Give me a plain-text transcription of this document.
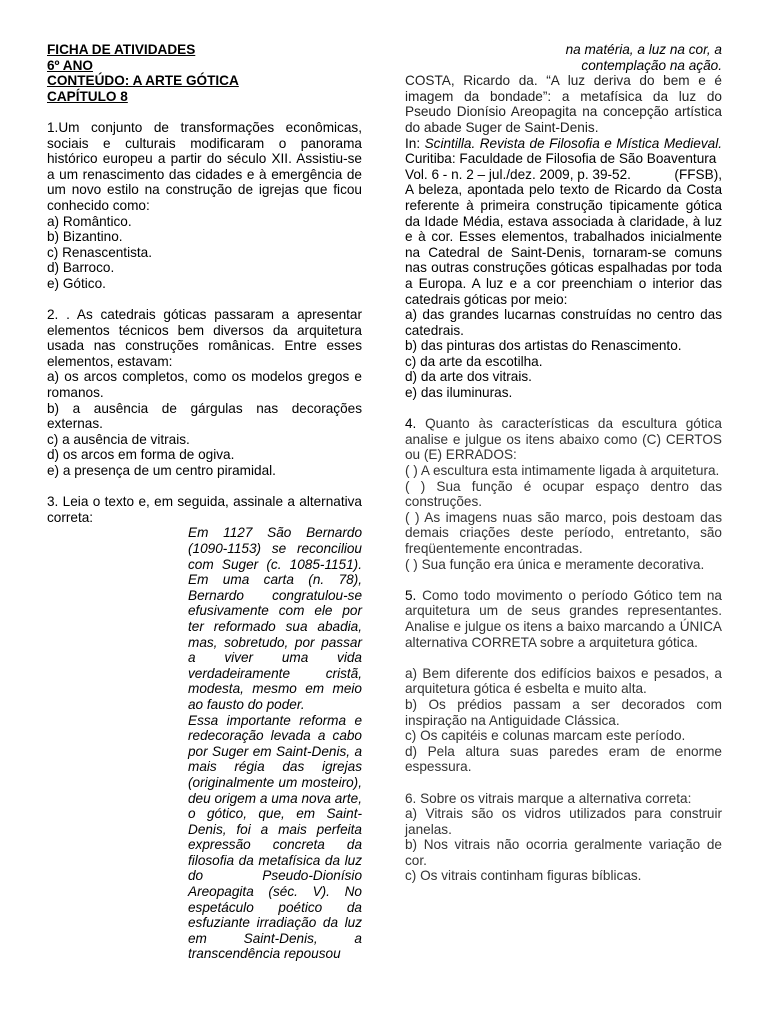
FICHA DE ATIVIDADES

6º ANO

CONTEÚDO: A ARTE GÓTICA

CAPÍTULO 8

1.Um conjunto de transformações econômicas, sociais e culturais modificaram o panorama histórico europeu a partir do século XII. Assistiu-se a um renascimento das cidades e à emergência de um novo estilo na construção de igrejas que ficou conhecido como:

a) Romântico.

b) Bizantino.

c) Renascentista.

d) Barroco.

e) Gótico.

2. . As catedrais góticas passaram a apresentar elementos técnicos bem diversos da arquitetura usada nas construções românicas. Entre esses elementos, estavam:

a) os arcos completos, como os modelos gregos e romanos.

b) a ausência de gárgulas nas decorações externas.

c) a ausência de vitrais.

d) os arcos em forma de ogiva.

e) a presença de um centro piramidal.

3. Leia o texto e, em seguida, assinale a alternativa correta:

Em 1127 São Bernardo (1090-1153) se reconciliou com Suger (c. 1085-1151). Em uma carta (n. 78), Bernardo congratulou-se efusivamente com ele por ter reformado sua abadia, mas, sobretudo, por passar a viver uma vida verdadeiramente cristã, modesta, mesmo em meio ao fausto do poder.

Essa importante reforma e redecoração levada a cabo por Suger em Saint-Denis, a mais régia das igrejas (originalmente um mosteiro), deu origem a uma nova arte, o gótico, que, em Saint-Denis, foi a mais perfeita expressão concreta da filosofia da metafísica da luz do Pseudo-Dionísio Areopagita (séc. V). No espetáculo poético da esfuziante irradiação da luz em Saint-Denis, a transcendência repousou

na matéria, a luz na cor, a contemplação na ação.

COSTA, Ricardo da. “A luz deriva do bem e é imagem da bondade”: a metafísica da luz do Pseudo Dionísio Areopagita na concepção artística do abade Suger de Saint-Denis.

In: Scintilla. Revista de Filosofia e Mística Medieval. Curitiba: Faculdade de Filosofia de São Boaventura
(FFSB),

Vol. 6 - n. 2 – jul./dez. 2009, p. 39-52.

A beleza, apontada pelo texto de Ricardo da Costa referente à primeira construção tipicamente gótica da Idade Média, estava associada à claridade, à luz e à cor. Esses elementos, trabalhados inicialmente na Catedral de Saint-Denis, tornaram-se comuns nas outras construções góticas espalhadas por toda a Europa. A luz e a cor preenchiam o interior das catedrais góticas por meio:

a) das grandes lucarnas construídas no centro das catedrais.

b) das pinturas dos artistas do Renascimento.

c) da arte da escotilha.

d) da arte dos vitrais.

e) das iluminuras.

4. Quanto às características da escultura gótica analise e julgue os itens abaixo como (C) CERTOS ou (E) ERRADOS:

( ) A escultura esta intimamente ligada à arquitetura.

( ) Sua função é ocupar espaço dentro das construções.

( ) As imagens nuas são marco, pois destoam das demais criações deste período, entretanto, são freqüentemente encontradas.

( ) Sua função era única e meramente decorativa.

5. Como todo movimento o período Gótico tem na arquitetura um de seus grandes representantes. Analise e julgue os itens a baixo marcando a ÚNICA alternativa CORRETA sobre a arquitetura gótica.

a) Bem diferente dos edifícios baixos e pesados, a arquitetura gótica é esbelta e muito alta.

b) Os prédios passam a ser decorados com inspiração na Antiguidade Clássica.

c) Os capitéis e colunas marcam este período.

d) Pela altura suas paredes eram de enorme espessura.

6. Sobre os vitrais marque a alternativa correta:

a) Vitrais são os vidros utilizados para construir janelas.

b) Nos vitrais não ocorria geralmente variação de cor.

c) Os vitrais continham figuras bíblicas.
